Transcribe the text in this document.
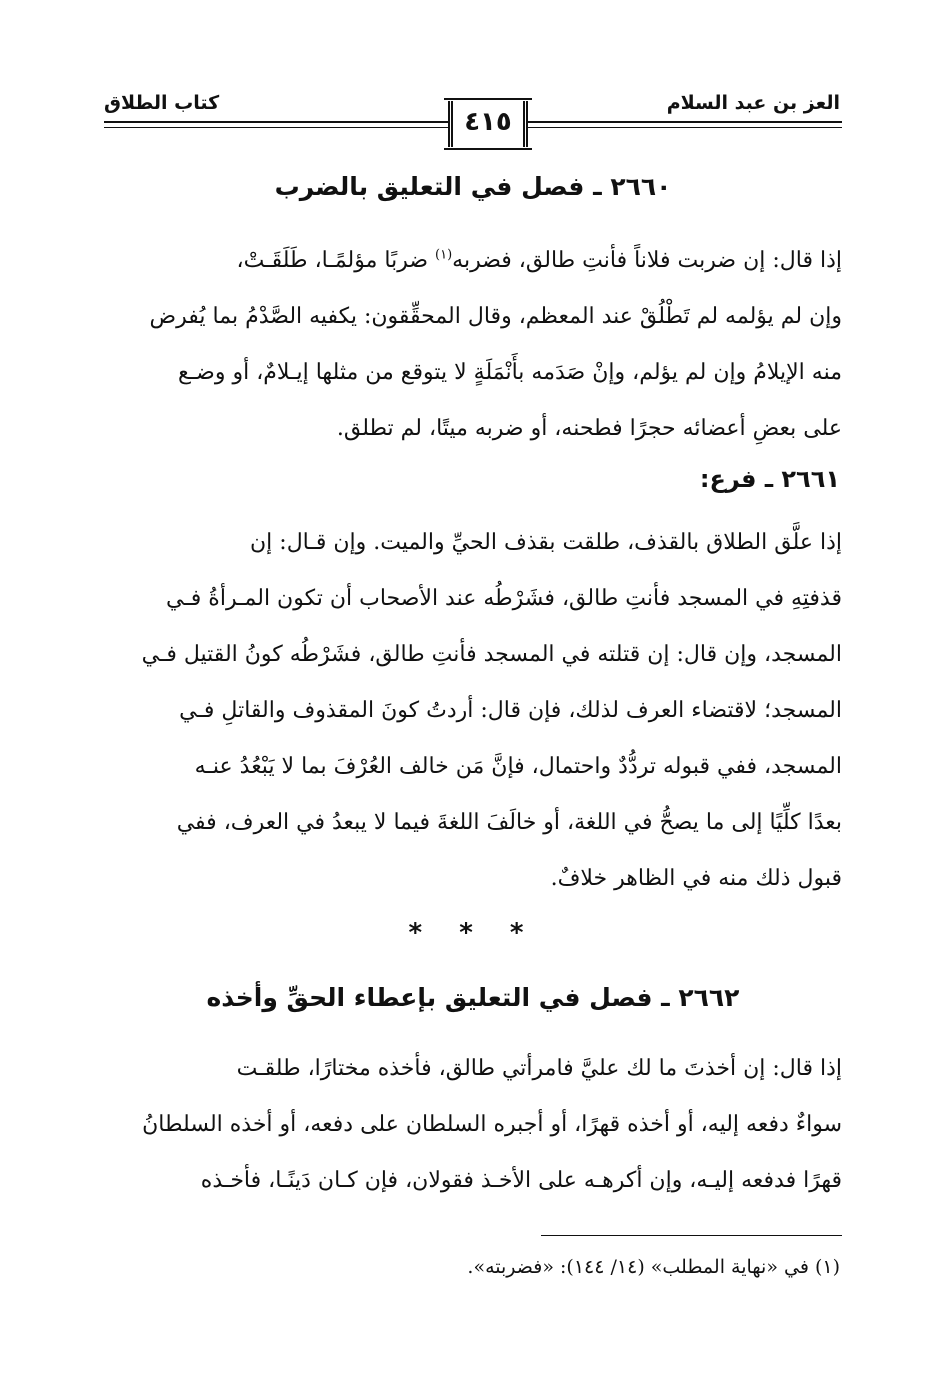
العز بن عبد السلام
كتاب الطلاق
٤١٥
٢٦٦٠ ـ فصل في التعليق بالضرب
إذا قال: إن ضربت فلاناً فأنتِ طالق، فضربه$^{(١)}$ ضربًا مؤلمًـا، طَلَقَـتْ،
وإن لم يؤلمه لم تَطْلُقْ عند المعظم، وقال المحقِّقون: يكفيه الصَّدْمُ بما يُفرض
منه الإيلامُ وإن لم يؤلم، وإنْ صَدَمه بأَنْمَلَةٍ لا يتوقع من مثلها إيـلامٌ، أو وضـع
على بعضِ أعضائه حجرًا فطحنه، أو ضربه ميتًا، لم تطلق.
٢٦٦١ ـ فرع:
إذا علَّق الطلاق بالقذف، طلقت بقذف الحيِّ والميت. وإن قـال: إن
قذفتِهِ في المسجد فأنتِ طالق، فشَرْطُه عند الأصحاب أن تكون المـرأةُ فـي
المسجد، وإن قال: إن قتلته في المسجد فأنتِ طالق، فشَرْطُه كونُ القتيل فـي
المسجد؛ لاقتضاء العرف لذلك، فإن قال: أردتُ كونَ المقذوف والقاتلِ فـي
المسجد، ففي قبوله تردُّدٌ واحتمال، فإنَّ مَن خالف العُرْفَ بما لا يَبْعُدُ عنـه
بعدًا كلِّيًا إلى ما يصحُّ في اللغة، أو خالَفَ اللغةَ فيما لا يبعدُ في العرف، ففي
قبول ذلك منه في الظاهر خلافٌ.
* * *
٢٦٦٢ ـ فصل في التعليق بإعطاء الحقِّ وأخذه
إذا قال: إن أخذتَ ما لك عليَّ فامرأتي طالق، فأخذه مختارًا، طلقـت
سواءٌ دفعه إليه، أو أخذه قهرًا، أو أجبره السلطان على دفعه، أو أخذه السلطانُ
قهرًا فدفعه إليـه، وإن أكرهـه على الأخـذ فقولان، فإن كـان دَينًـا، فأخـذه
(١) في «نهاية المطلب» (١٤/ ١٤٤): «فضربته».
